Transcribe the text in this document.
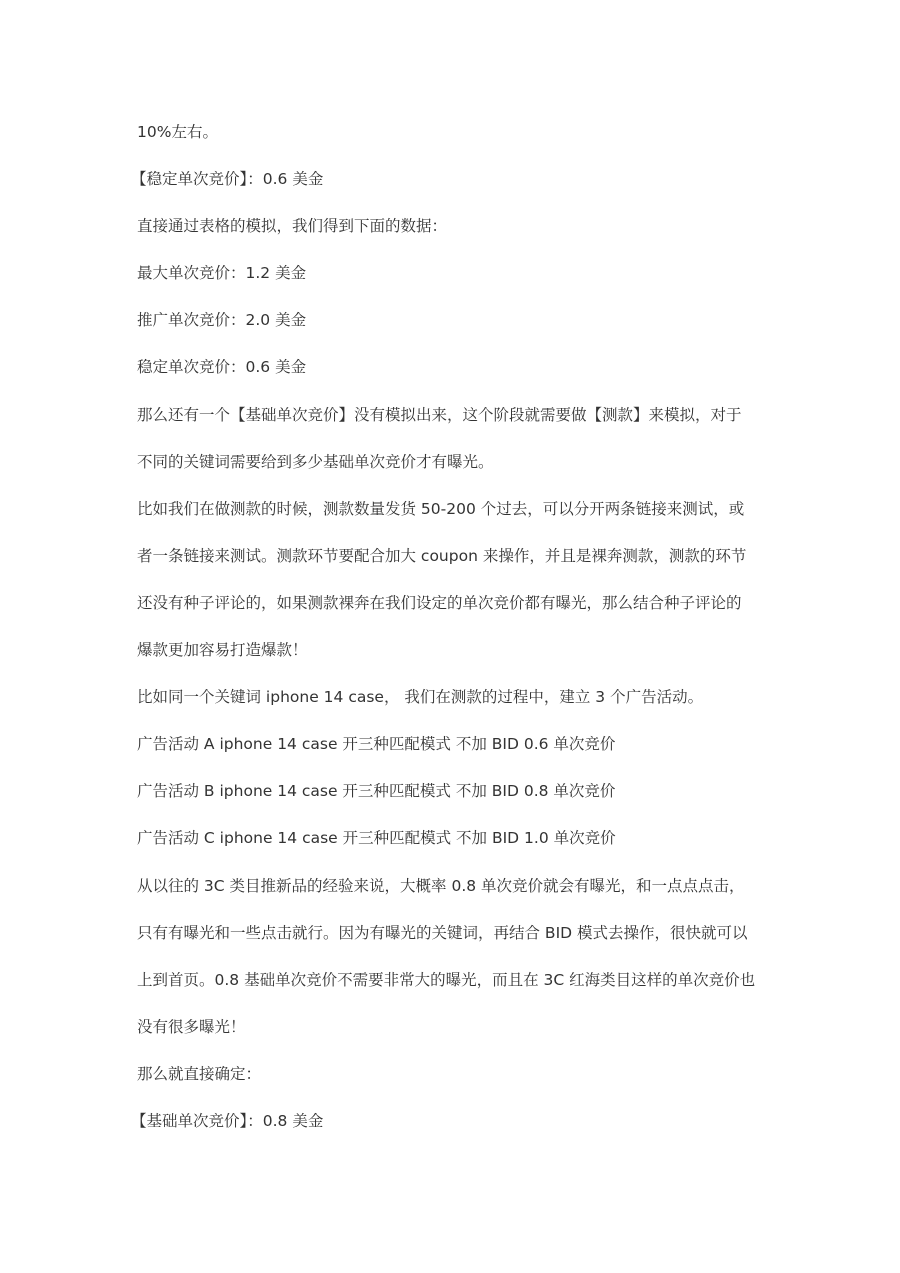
10%左右。

【稳定单次竞价】：0.6 美金

直接通过表格的模拟，我们得到下面的数据：

最大单次竞价：1.2 美金

推广单次竞价：2.0 美金

稳定单次竞价：0.6 美金

那么还有一个【基础单次竞价】没有模拟出来，这个阶段就需要做【测款】来模拟，对于

不同的关键词需要给到多少基础单次竞价才有曝光。

比如我们在做测款的时候，测款数量发货 50-200 个过去，可以分开两条链接来测试，或

者一条链接来测试。测款环节要配合加大 coupon 来操作，并且是裸奔测款，测款的环节

还没有种子评论的，如果测款裸奔在我们设定的单次竞价都有曝光，那么结合种子评论的

爆款更加容易打造爆款！

比如同一个关键词 iphone 14 case， 我们在测款的过程中，建立 3 个广告活动。

广告活动 A iphone 14 case 开三种匹配模式 不加 BID 0.6 单次竞价

广告活动 B iphone 14 case 开三种匹配模式 不加 BID 0.8 单次竞价

广告活动 C iphone 14 case 开三种匹配模式 不加 BID 1.0 单次竞价

从以往的 3C 类目推新品的经验来说，大概率 0.8 单次竞价就会有曝光，和一点点点击，

只有有曝光和一些点击就行。因为有曝光的关键词，再结合 BID 模式去操作，很快就可以

上到首页。0.8 基础单次竞价不需要非常大的曝光，而且在 3C 红海类目这样的单次竞价也

没有很多曝光！

那么就直接确定：

【基础单次竞价】：0.8 美金
